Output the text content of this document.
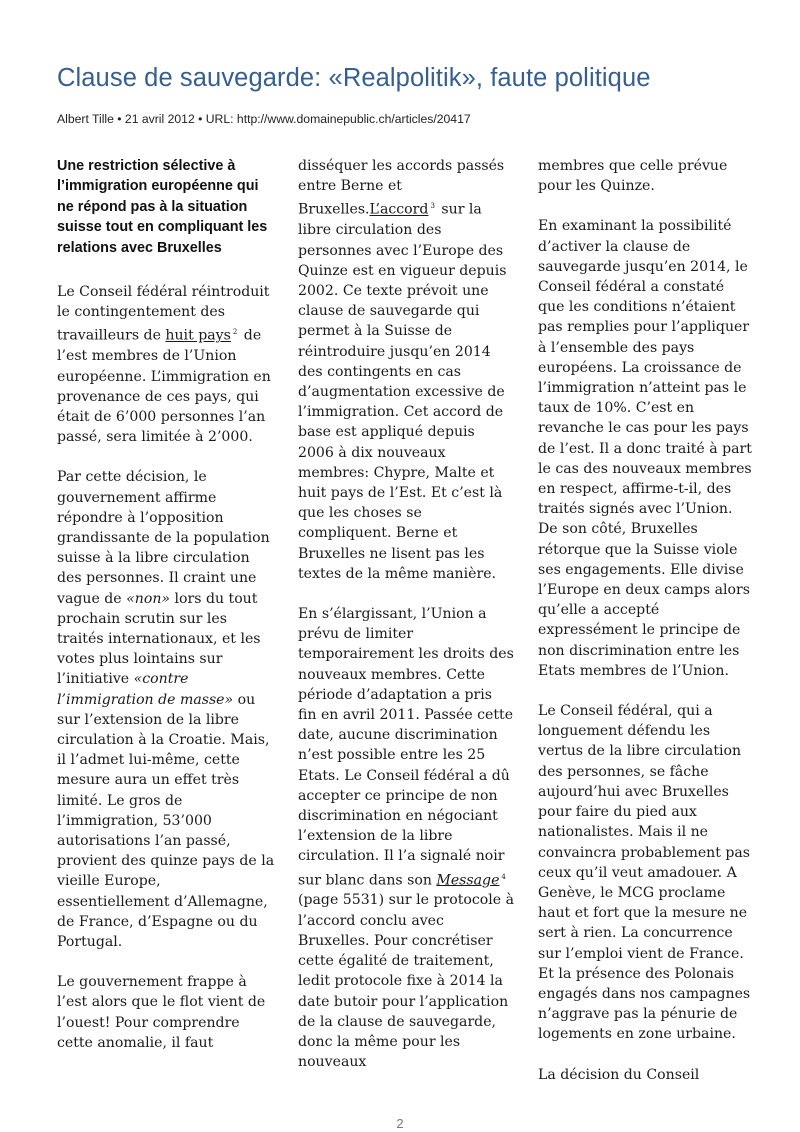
Clause de sauvegarde: «Realpolitik», faute politique
Albert Tille • 21 avril 2012 • URL: http://www.domainepublic.ch/articles/20417
Une restriction sélective à l’immigration européenne qui ne répond pas à la situation suisse tout en compliquant les relations avec Bruxelles

Le Conseil fédéral réintroduit le contingentement des travailleurs de huit pays $^2$ de l’est membres de l’Union européenne. L’immigration en provenance de ces pays, qui était de 6’000 personnes l’an passé, sera limitée à 2’000.

Par cette décision, le gouvernement affirme répondre à l’opposition grandissante de la population suisse à la libre circulation des personnes. Il craint une vague de «non» lors du tout prochain scrutin sur les traités internationaux, et les votes plus lointains sur l’initiative «contre l’immigration de masse» ou sur l’extension de la libre circulation à la Croatie. Mais, il l’admet lui-même, cette mesure aura un effet très limité. Le gros de l’immigration, 53’000 autorisations l’an passé, provient des quinze pays de la vieille Europe, essentiellement d’Allemagne, de France, d’Espagne ou du Portugal.

Le gouvernement frappe à l’est alors que le flot vient de l’ouest! Pour comprendre cette anomalie, il faut

disséquer les accords passés entre Berne et Bruxelles.L’accord $^3$ sur la libre circulation des personnes avec l’Europe des Quinze est en vigueur depuis 2002. Ce texte prévoit une clause de sauvegarde qui permet à la Suisse de réintroduire jusqu’en 2014 des contingents en cas d’augmentation excessive de l’immigration. Cet accord de base est appliqué depuis 2006 à dix nouveaux membres: Chypre, Malte et huit pays de l’Est. Et c’est là que les choses se compliquent. Berne et Bruxelles ne lisent pas les textes de la même manière.

En s’élargissant, l’Union a prévu de limiter temporairement les droits des nouveaux membres. Cette période d’adaptation a pris fin en avril 2011. Passée cette date, aucune discrimination n’est possible entre les 25 Etats. Le Conseil fédéral a dû accepter ce principe de non discrimination en négociant l’extension de la libre circulation. Il l’a signalé noir sur blanc dans son Message $^4$ (page 5531) sur le protocole à l’accord conclu avec Bruxelles. Pour concrétiser cette égalité de traitement, ledit protocole fixe à 2014 la date butoir pour l’application de la clause de sauvegarde, donc la même pour les nouveaux

membres que celle prévue pour les Quinze.

En examinant la possibilité d’activer la clause de sauvegarde jusqu’en 2014, le Conseil fédéral a constaté que les conditions n’étaient pas remplies pour l’appliquer à l’ensemble des pays européens. La croissance de l’immigration n’atteint pas le taux de 10%. C’est en revanche le cas pour les pays de l’est. Il a donc traité à part le cas des nouveaux membres en respect, affirme-t-il, des traités signés avec l’Union. De son côté, Bruxelles rétorque que la Suisse viole ses engagements. Elle divise l’Europe en deux camps alors qu’elle a accepté expressément le principe de non discrimination entre les Etats membres de l’Union.

Le Conseil fédéral, qui a longuement défendu les vertus de la libre circulation des personnes, se fâche aujourd’hui avec Bruxelles pour faire du pied aux nationalistes. Mais il ne convaincra probablement pas ceux qu’il veut amadouer. A Genève, le MCG proclame haut et fort que la mesure ne sert à rien. La concurrence sur l’emploi vient de France. Et la présence des Polonais engagés dans nos campagnes n’aggrave pas la pénurie de logements en zone urbaine.

La décision du Conseil

2
